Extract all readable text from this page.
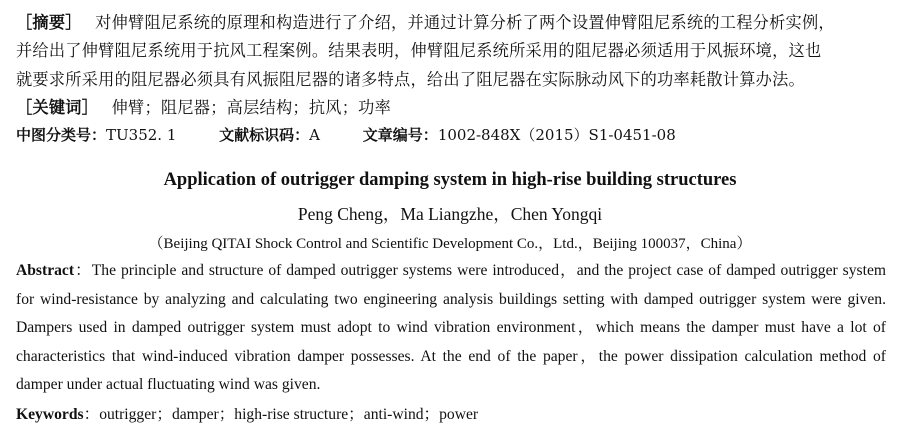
［摘要］ 对伸臂阻尼系统的原理和构造进行了介绍，并通过计算分析了两个设置伸臂阻尼系统的工程分析实例，
并给出了伸臂阻尼系统用于抗风工程案例。结果表明，伸臂阻尼系统所采用的阻尼器必须适用于风振环境，这也
就要求所采用的阻尼器必须具有风振阻尼器的诸多特点，给出了阻尼器在实际脉动风下的功率耗散计算办法。
［关键词］ 伸臂；阻尼器；高层结构；抗风；功率
中图分类号：TU352. 1	文献标识码：A	文章编号：1002-848X（2015）S1-0451-08
Application of outrigger damping system in high-rise building structures
Peng Cheng，Ma Liangzhe，Chen Yongqi
（Beijing QITAI Shock Control and Scientific Development Co.，Ltd.，Beijing 100037，China）
Abstract：The principle and structure of damped outrigger systems were introduced，and the project case of damped outrigger system for wind-resistance by analyzing and calculating two engineering analysis buildings setting with damped outrigger system were given. Dampers used in damped outrigger system must adopt to wind vibration environment，which means the damper must have a lot of characteristics that wind-induced vibration damper possesses. At the end of the paper，the power dissipation calculation method of damper under actual fluctuating wind was given.
Keywords：outrigger；damper；high-rise structure；anti-wind；power
